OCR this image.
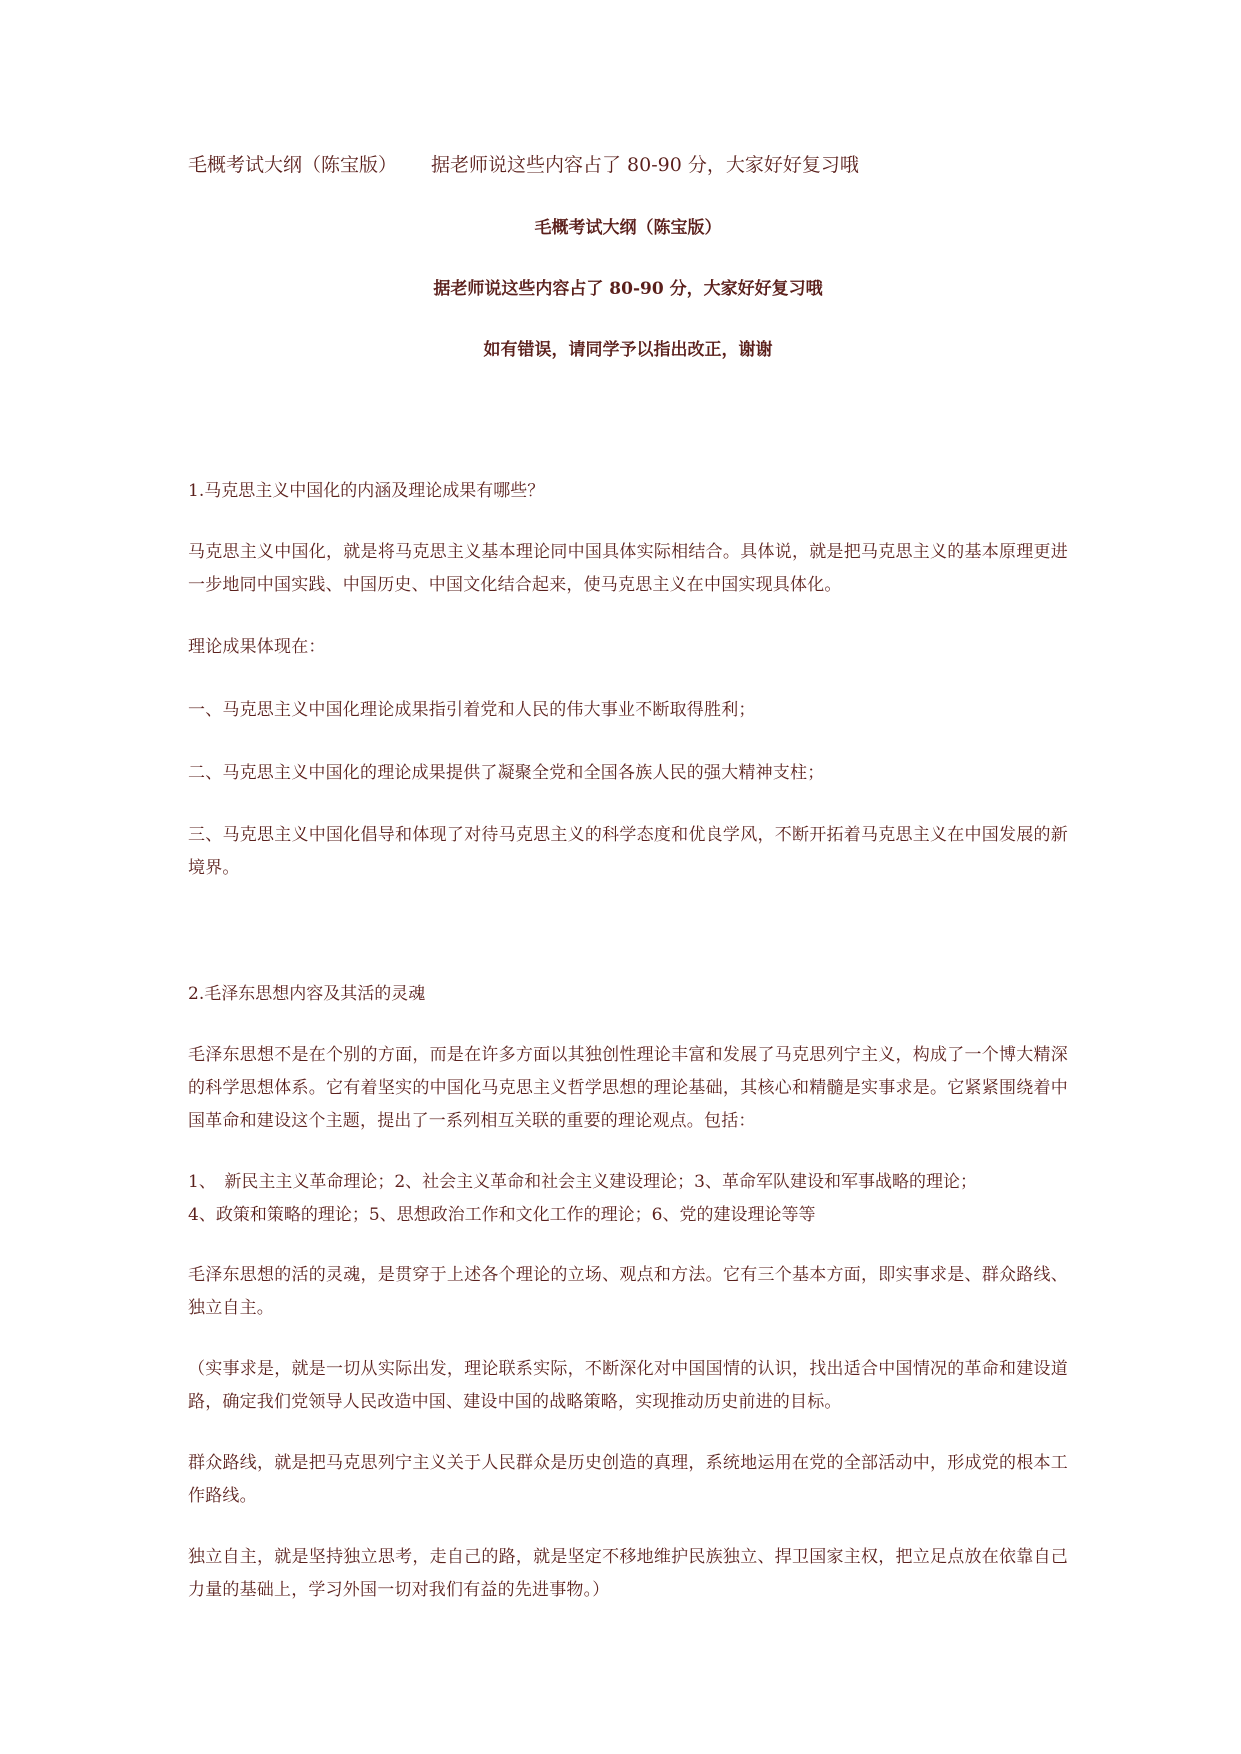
毛概考试大纲（陈宝版） 据老师说这些内容占了 80-90 分，大家好好复习哦

毛概考试大纲（陈宝版）

据老师说这些内容占了 80-90 分，大家好好复习哦

如有错误，请同学予以指出改正，谢谢

1.马克思主义中国化的内涵及理论成果有哪些？

马克思主义中国化，就是将马克思主义基本理论同中国具体实际相结合。具体说，就是把马克思主义的基本原理更进一步地同中国实践、中国历史、中国文化结合起来，使马克思主义在中国实现具体化。

理论成果体现在：

一、马克思主义中国化理论成果指引着党和人民的伟大事业不断取得胜利；

二、马克思主义中国化的理论成果提供了凝聚全党和全国各族人民的强大精神支柱；

三、马克思主义中国化倡导和体现了对待马克思主义的科学态度和优良学风，不断开拓着马克思主义在中国发展的新境界。

2.毛泽东思想内容及其活的灵魂

毛泽东思想不是在个别的方面，而是在许多方面以其独创性理论丰富和发展了马克思列宁主义，构成了一个博大精深的科学思想体系。它有着坚实的中国化马克思主义哲学思想的理论基础，其核心和精髓是实事求是。它紧紧围绕着中国革命和建设这个主题，提出了一系列相互关联的重要的理论观点。包括：

1、　新民主主义革命理论；2、社会主义革命和社会主义建设理论；3、革命军队建设和军事战略的理论；
4、政策和策略的理论；5、思想政治工作和文化工作的理论；6、党的建设理论等等

毛泽东思想的活的灵魂，是贯穿于上述各个理论的立场、观点和方法。它有三个基本方面，即实事求是、群众路线、独立自主。

（实事求是，就是一切从实际出发，理论联系实际，不断深化对中国国情的认识，找出适合中国情况的革命和建设道路，确定我们党领导人民改造中国、建设中国的战略策略，实现推动历史前进的目标。

群众路线，就是把马克思列宁主义关于人民群众是历史创造的真理，系统地运用在党的全部活动中，形成党的根本工作路线。

独立自主，就是坚持独立思考，走自己的路，就是坚定不移地维护民族独立、捍卫国家主权，把立足点放在依靠自己力量的基础上，学习外国一切对我们有益的先进事物。）
